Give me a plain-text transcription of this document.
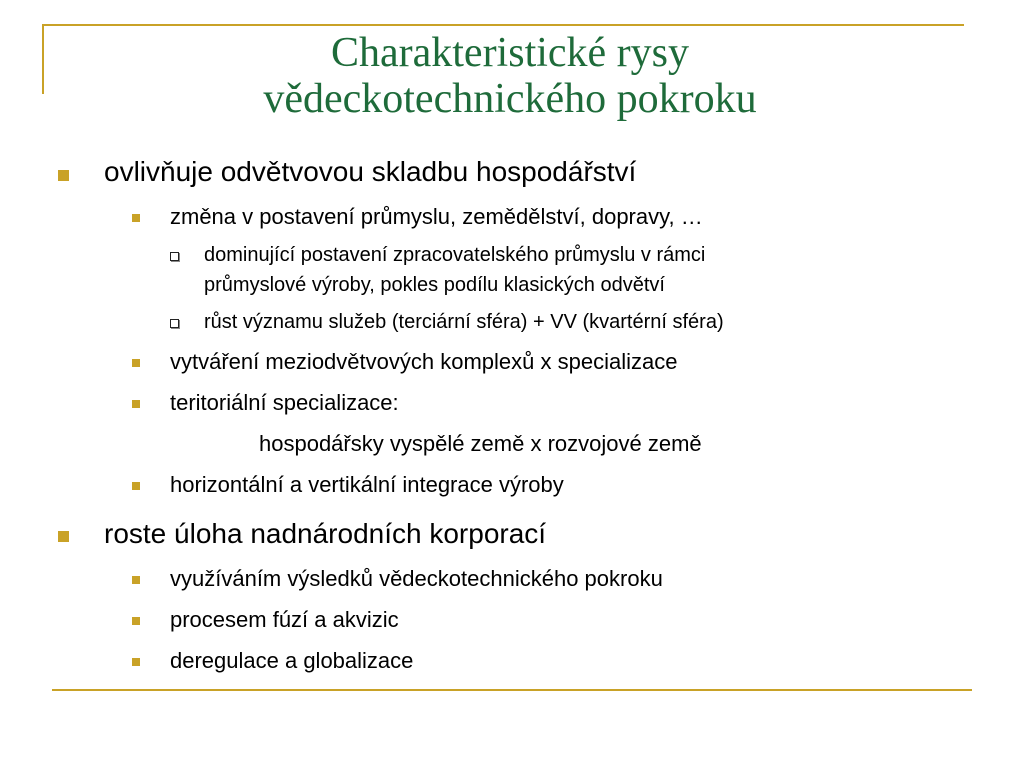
Charakteristické rysy
vědeckotechnického pokroku
ovlivňuje odvětvovou skladbu hospodářství
změna v postavení průmyslu, zemědělství, dopravy, …
dominující postavení zpracovatelského průmyslu v rámci
průmyslové výroby, pokles podílu klasických odvětví
růst významu služeb (terciární sféra) + VV (kvartérní sféra)
vytváření meziodvětvových komplexů x specializace
teritoriální specializace:
hospodářsky vyspělé země x rozvojové země
horizontální a vertikální integrace výroby
roste úloha nadnárodních korporací
využíváním výsledků vědeckotechnického pokroku
procesem fúzí a akvizic
deregulace a globalizace
